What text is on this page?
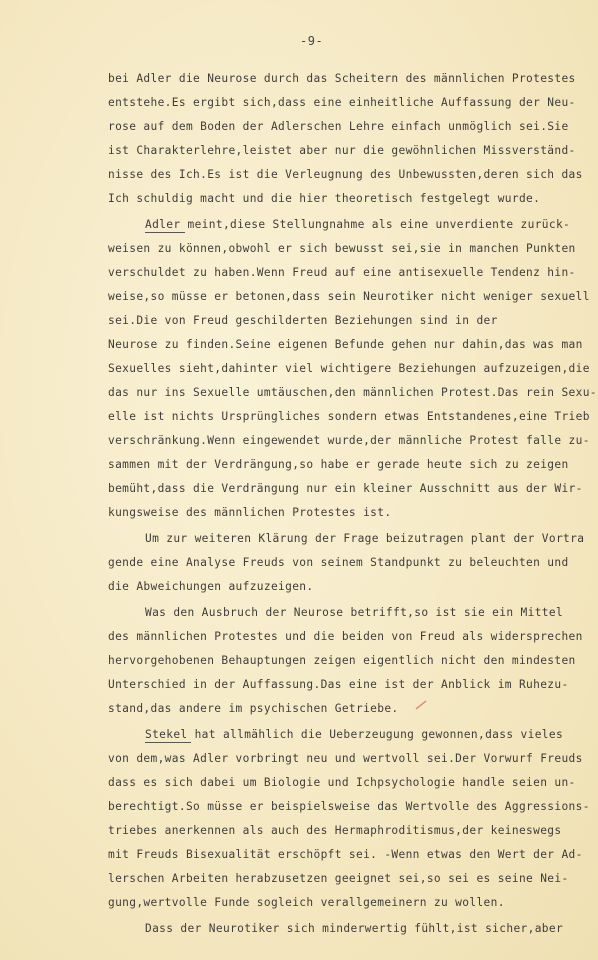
-9-
bei Adler die Neurose durch das Scheitern des männlichen Protestes
entstehe.Es ergibt sich,dass eine einheitliche Auffassung der Neu-
rose auf dem Boden der Adlerschen Lehre einfach unmöglich sei.Sie
ist Charakterlehre,leistet aber nur die gewöhnlichen Missverständ-
nisse des Ich.Es ist die Verleugnung des Unbewussten,deren sich das
Ich schuldig macht und die hier theoretisch festgelegt wurde.
Adler meint,diese Stellungnahme als eine unverdiente zurück-
weisen zu können,obwohl er sich bewusst sei,sie in manchen Punkten
verschuldet zu haben.Wenn Freud auf eine antisexuelle Tendenz hin-
weise,so müsse er betonen,dass sein Neurotiker nicht weniger sexuell
sei.Die von Freud geschilderten Beziehungen sind in der
Neurose zu finden.Seine eigenen Befunde gehen nur dahin,das was man
Sexuelles sieht,dahinter viel wichtigere Beziehungen aufzuzeigen,die
das nur ins Sexuelle umtäuschen,den männlichen Protest.Das rein Sexu-
elle ist nichts Ursprüngliches sondern etwas Entstandenes,eine Trieb
verschränkung.Wenn eingewendet wurde,der männliche Protest falle zu-
sammen mit der Verdrängung,so habe er gerade heute sich zu zeigen
bemüht,dass die Verdrängung nur ein kleiner Ausschnitt aus der Wir-
kungsweise des männlichen Protestes ist.
Um zur weiteren Klärung der Frage beizutragen plant der Vortra
gende eine Analyse Freuds von seinem Standpunkt zu beleuchten und
die Abweichungen aufzuzeigen.
Was den Ausbruch der Neurose betrifft,so ist sie ein Mittel
des männlichen Protestes und die beiden von Freud als widersprechen
hervorgehobenen Behauptungen zeigen eigentlich nicht den mindesten
Unterschied in der Auffassung.Das eine ist der Anblick im Ruhezu-
stand,das andere im psychischen Getriebe.
Stekel hat allmählich die Ueberzeugung gewonnen,dass vieles
von dem,was Adler vorbringt neu und wertvoll sei.Der Vorwurf Freuds
dass es sich dabei um Biologie und Ichpsychologie handle seien un-
berechtigt.So müsse er beispielsweise das Wertvolle des Aggressions-
triebes anerkennen als auch des Hermaphroditismus,der keineswegs
mit Freuds Bisexualität erschöpft sei. -Wenn etwas den Wert der Ad-
lerschen Arbeiten herabzusetzen geeignet sei,so sei es seine Nei-
gung,wertvolle Funde sogleich verallgemeinern zu wollen.
Dass der Neurotiker sich minderwertig fühlt,ist sicher,aber
